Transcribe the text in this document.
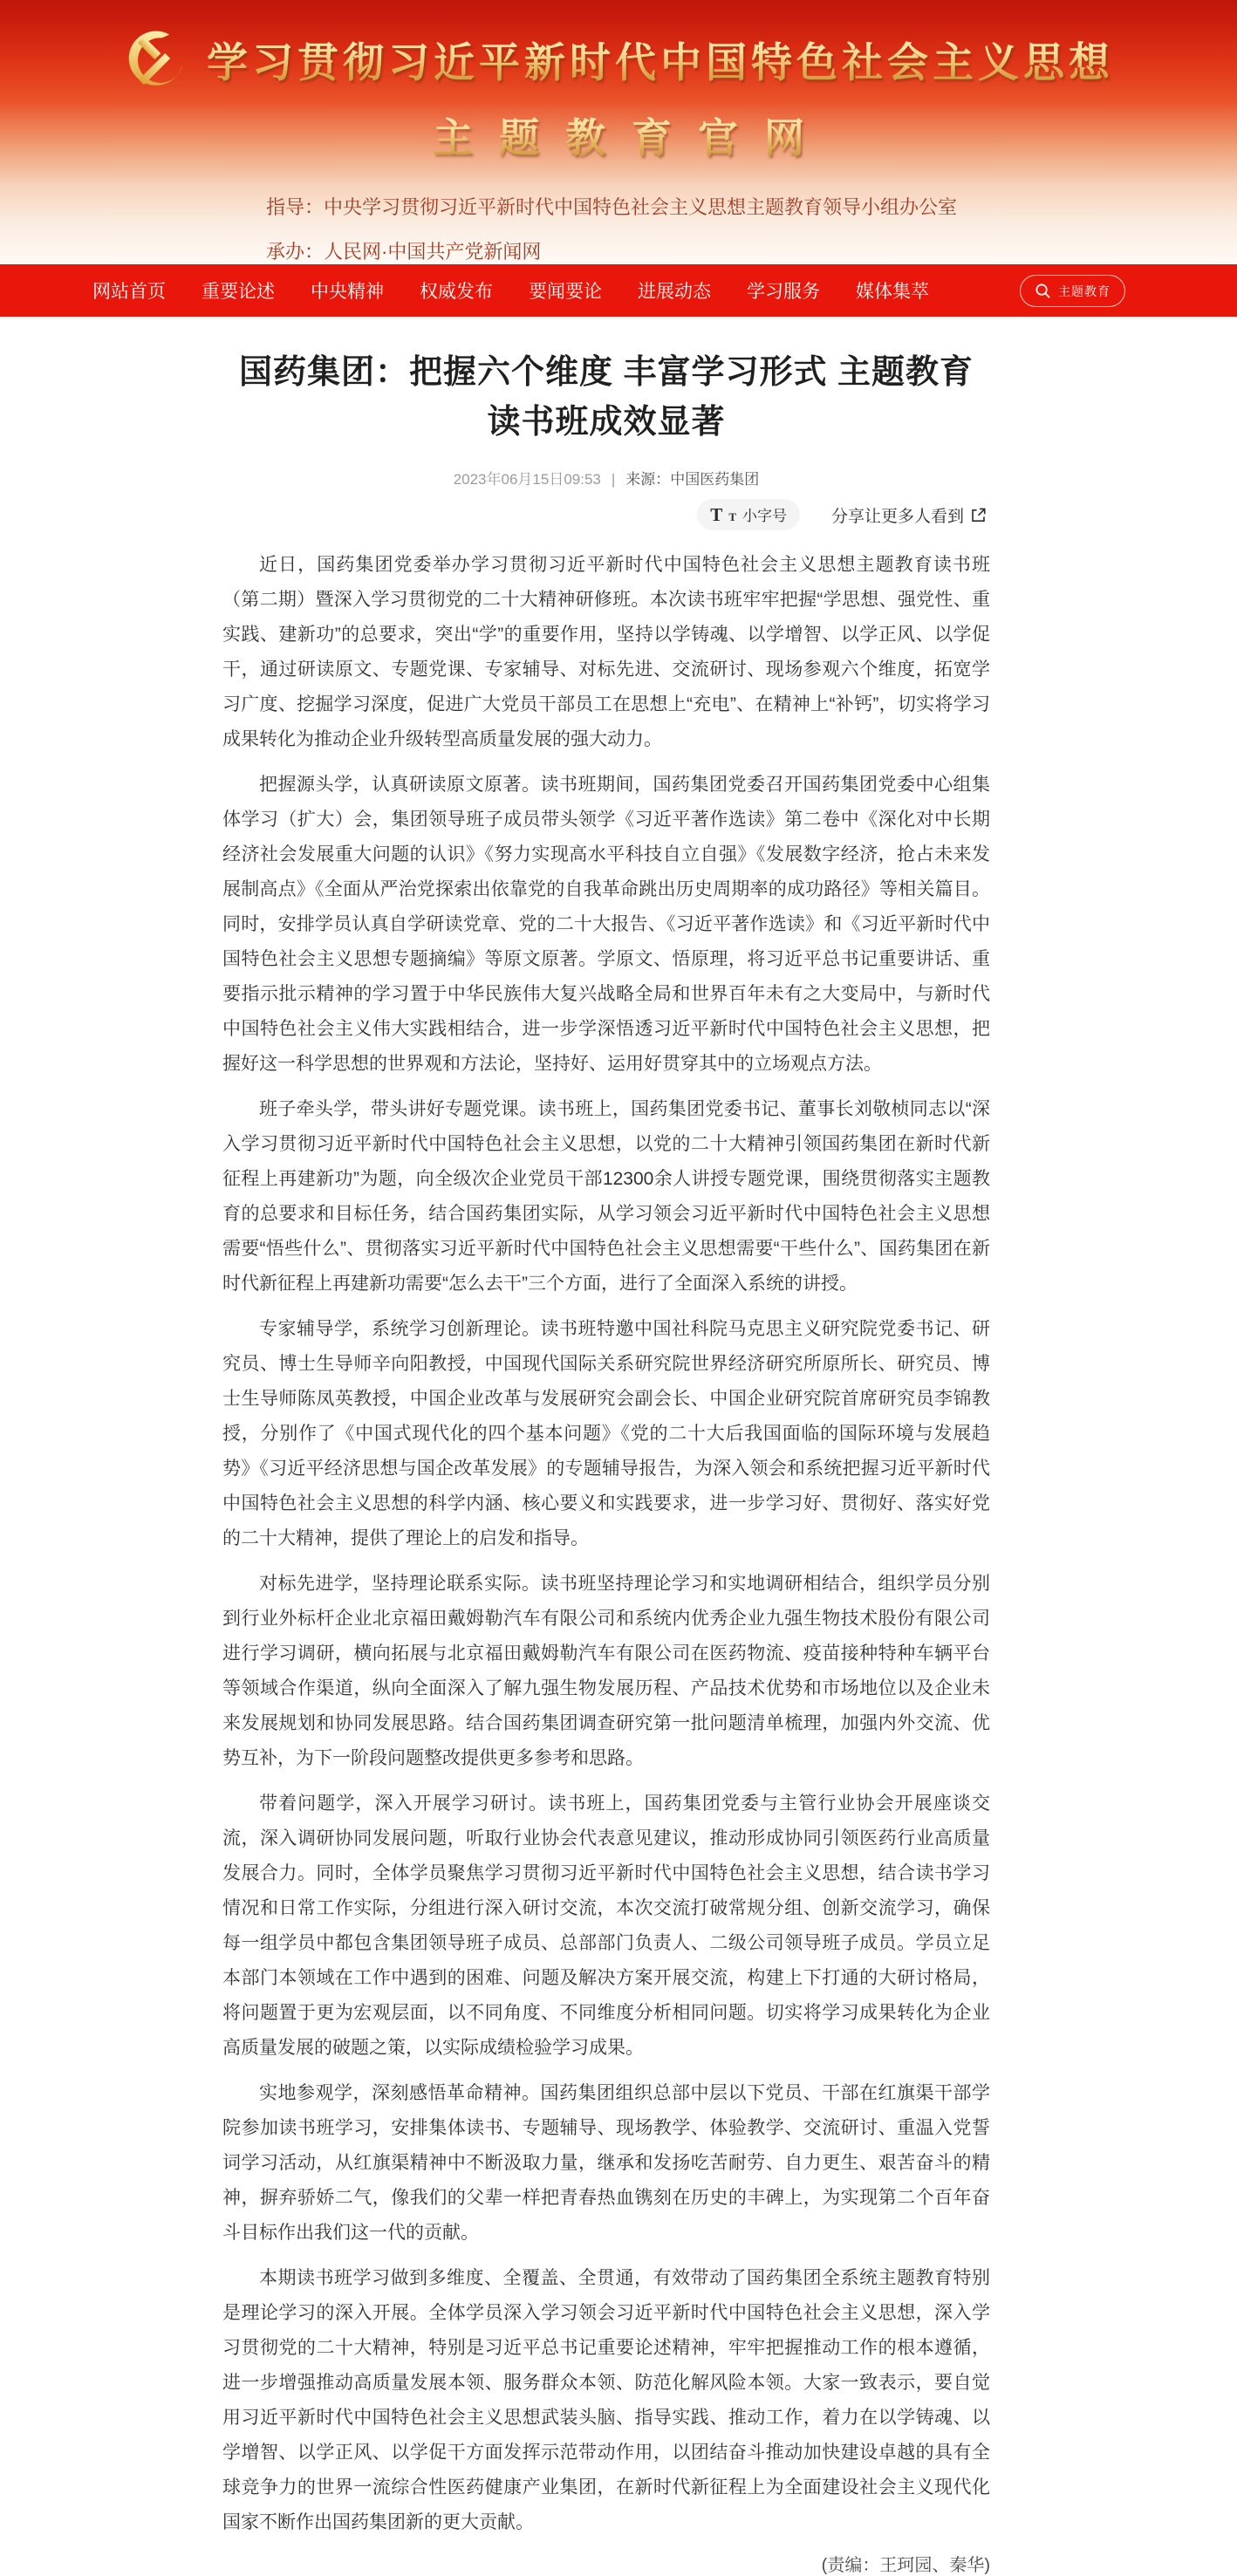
学习贯彻习近平新时代中国特色社会主义思想
主题教育官网
指导：中央学习贯彻习近平新时代中国特色社会主义思想主题教育领导小组办公室
承办：人民网·中国共产党新闻网
网站首页 重要论述 中央精神 权威发布 要闻要论 进展动态 学习服务 媒体集萃	主题教育
国药集团：把握六个维度 丰富学习形式 主题教育读书班成效显著
2023年06月15日09:53 | 来源：中国医药集团
T T 小字号	分享让更多人看到

近日，国药集团党委举办学习贯彻习近平新时代中国特色社会主义思想主题教育读书班（第二期）暨深入学习贯彻党的二十大精神研修班。本次读书班牢牢把握“学思想、强党性、重实践、建新功”的总要求，突出“学”的重要作用，坚持以学铸魂、以学增智、以学正风、以学促干，通过研读原文、专题党课、专家辅导、对标先进、交流研讨、现场参观六个维度，拓宽学习广度、挖掘学习深度，促进广大党员干部员工在思想上“充电”、在精神上“补钙”，切实将学习成果转化为推动企业升级转型高质量发展的强大动力。

把握源头学，认真研读原文原著。读书班期间，国药集团党委召开国药集团党委中心组集体学习（扩大）会，集团领导班子成员带头领学《习近平著作选读》第二卷中《深化对中长期经济社会发展重大问题的认识》《努力实现高水平科技自立自强》《发展数字经济，抢占未来发展制高点》《全面从严治党探索出依靠党的自我革命跳出历史周期率的成功路径》等相关篇目。同时，安排学员认真自学研读党章、党的二十大报告、《习近平著作选读》和《习近平新时代中国特色社会主义思想专题摘编》等原文原著。学原文、悟原理，将习近平总书记重要讲话、重要指示批示精神的学习置于中华民族伟大复兴战略全局和世界百年未有之大变局中，与新时代中国特色社会主义伟大实践相结合，进一步学深悟透习近平新时代中国特色社会主义思想，把握好这一科学思想的世界观和方法论，坚持好、运用好贯穿其中的立场观点方法。

班子牵头学，带头讲好专题党课。读书班上，国药集团党委书记、董事长刘敬桢同志以“深入学习贯彻习近平新时代中国特色社会主义思想，以党的二十大精神引领国药集团在新时代新征程上再建新功”为题，向全级次企业党员干部12300余人讲授专题党课，围绕贯彻落实主题教育的总要求和目标任务，结合国药集团实际，从学习领会习近平新时代中国特色社会主义思想需要“悟些什么”、贯彻落实习近平新时代中国特色社会主义思想需要“干些什么”、国药集团在新时代新征程上再建新功需要“怎么去干”三个方面，进行了全面深入系统的讲授。

专家辅导学，系统学习创新理论。读书班特邀中国社科院马克思主义研究院党委书记、研究员、博士生导师辛向阳教授，中国现代国际关系研究院世界经济研究所原所长、研究员、博士生导师陈凤英教授，中国企业改革与发展研究会副会长、中国企业研究院首席研究员李锦教授，分别作了《中国式现代化的四个基本问题》《党的二十大后我国面临的国际环境与发展趋势》《习近平经济思想与国企改革发展》的专题辅导报告，为深入领会和系统把握习近平新时代中国特色社会主义思想的科学内涵、核心要义和实践要求，进一步学习好、贯彻好、落实好党的二十大精神，提供了理论上的启发和指导。

对标先进学，坚持理论联系实际。读书班坚持理论学习和实地调研相结合，组织学员分别到行业外标杆企业北京福田戴姆勒汽车有限公司和系统内优秀企业九强生物技术股份有限公司进行学习调研，横向拓展与北京福田戴姆勒汽车有限公司在医药物流、疫苗接种特种车辆平台等领域合作渠道，纵向全面深入了解九强生物发展历程、产品技术优势和市场地位以及企业未来发展规划和协同发展思路。结合国药集团调查研究第一批问题清单梳理，加强内外交流、优势互补，为下一阶段问题整改提供更多参考和思路。

带着问题学，深入开展学习研讨。读书班上，国药集团党委与主管行业协会开展座谈交流，深入调研协同发展问题，听取行业协会代表意见建议，推动形成协同引领医药行业高质量发展合力。同时，全体学员聚焦学习贯彻习近平新时代中国特色社会主义思想，结合读书学习情况和日常工作实际，分组进行深入研讨交流，本次交流打破常规分组、创新交流学习，确保每一组学员中都包含集团领导班子成员、总部部门负责人、二级公司领导班子成员。学员立足本部门本领域在工作中遇到的困难、问题及解决方案开展交流，构建上下打通的大研讨格局，将问题置于更为宏观层面，以不同角度、不同维度分析相同问题。切实将学习成果转化为企业高质量发展的破题之策，以实际成绩检验学习成果。

实地参观学，深刻感悟革命精神。国药集团组织总部中层以下党员、干部在红旗渠干部学院参加读书班学习，安排集体读书、专题辅导、现场教学、体验教学、交流研讨、重温入党誓词学习活动，从红旗渠精神中不断汲取力量，继承和发扬吃苦耐劳、自力更生、艰苦奋斗的精神，摒弃骄娇二气，像我们的父辈一样把青春热血镌刻在历史的丰碑上，为实现第二个百年奋斗目标作出我们这一代的贡献。

本期读书班学习做到多维度、全覆盖、全贯通，有效带动了国药集团全系统主题教育特别是理论学习的深入开展。全体学员深入学习领会习近平新时代中国特色社会主义思想，深入学习贯彻党的二十大精神，特别是习近平总书记重要论述精神，牢牢把握推动工作的根本遵循，进一步增强推动高质量发展本领、服务群众本领、防范化解风险本领。大家一致表示，要自觉用习近平新时代中国特色社会主义思想武装头脑、指导实践、推动工作，着力在以学铸魂、以学增智、以学正风、以学促干方面发挥示范带动作用，以团结奋斗推动加快建设卓越的具有全球竞争力的世界一流综合性医药健康产业集团，在新时代新征程上为全面建设社会主义现代化国家不断作出国药集团新的更大贡献。

(责编：王珂园、秦华)
